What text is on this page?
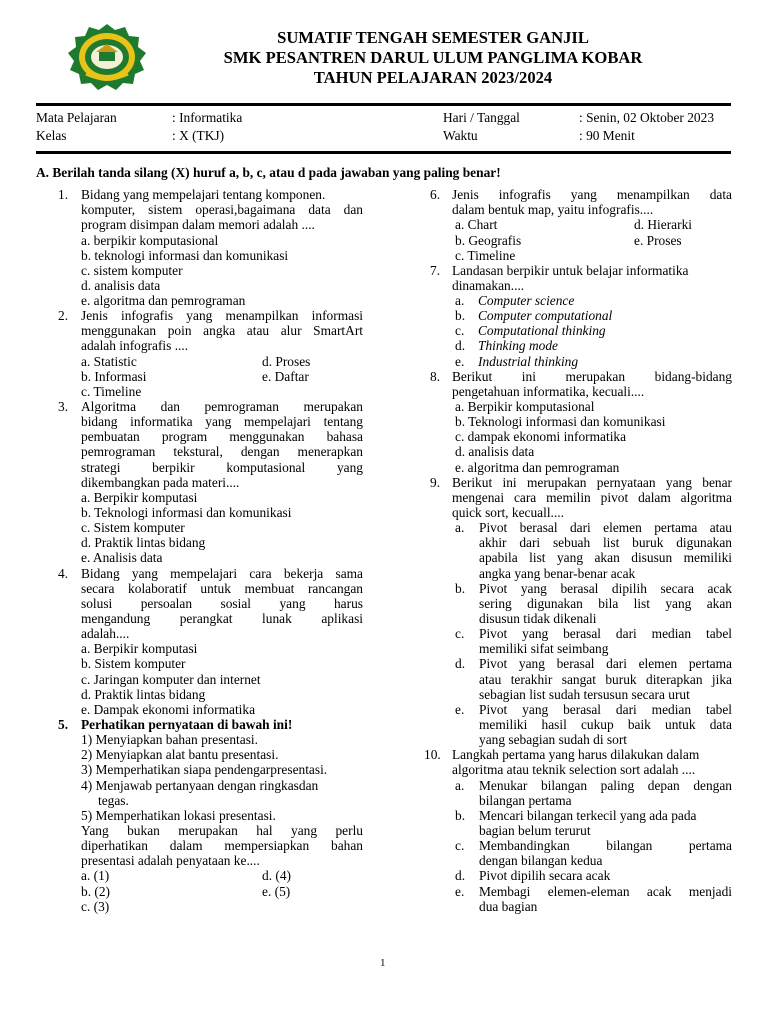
SUMATIF TENGAH SEMESTER GANJIL
SMK PESANTREN DARUL ULUM PANGLIMA KOBAR
TAHUN PELAJARAN 2023/2024
Mata Pelajaran	: Informatika
Kelas	: X (TKJ)
Hari / Tanggal	: Senin, 02 Oktober 2023
Waktu	: 90 Menit
A. Berilah tanda silang (X) huruf a, b, c, atau d pada jawaban yang paling benar!
1. Bidang yang mempelajari tentang komponen.
komputer, sistem operasi,bagaimana data dan
program disimpan dalam memori adalah ....
a. berpikir komputasional
b. teknologi informasi dan komunikasi
c. sistem komputer
d. analisis data
e. algoritma dan pemrograman
2. Jenis infografis yang menampilkan informasi
menggunakan poin angka atau alur SmartArt
adalah infografis ....
a. Statistic	d. Proses
b. Informasi	e. Daftar
c. Timeline
3. Algoritma dan pemrograman merupakan
bidang informatika yang mempelajari tentang
pembuatan program menggunakan bahasa
pemrograman tekstural, dengan menerapkan
strategi berpikir komputasional yang
dikembangkan pada materi....
a. Berpikir komputasi
b. Teknologi informasi dan komunikasi
c. Sistem komputer
d. Praktik lintas bidang
e. Analisis data
4. Bidang yang mempelajari cara bekerja sama
secara kolaboratif untuk membuat rancangan
solusi persoalan sosial yang harus
mengandung perangkat lunak aplikasi
adalah....
a. Berpikir komputasi
b. Sistem komputer
c. Jaringan komputer dan internet
d. Praktik lintas bidang
e. Dampak ekonomi informatika
5. Perhatikan pernyataan di bawah ini!
1) Menyiapkan bahan presentasi.
2) Menyiapkan alat bantu presentasi.
3) Memperhatikan siapa pendengarpresentasi.
4) Menjawab pertanyaan dengan ringkasdan
tegas.
5) Memperhatikan lokasi presentasi.
Yang bukan merupakan hal yang perlu
diperhatikan dalam mempersiapkan bahan
presentasi adalah penyataan ke....
a. (1)	d. (4)
b. (2)	e. (5)
c. (3)
6. Jenis infografis yang menampilkan data
dalam bentuk map, yaitu infografis....
a. Chart	d. Hierarki
b. Geografis	e. Proses
c. Timeline
7. Landasan berpikir untuk belajar informatika
dinamakan....
a. Computer science
b. Computer computational
c. Computational thinking
d. Thinking mode
e. Industrial thinking
8. Berikut ini merupakan bidang-bidang
pengetahuan informatika, kecuali....
a. Berpikir komputasional
b. Teknologi informasi dan komunikasi
c. dampak ekonomi informatika
d. analisis data
e. algoritma dan pemrograman
9. Berikut ini merupakan pernyataan yang benar
mengenai cara memilin pivot dalam algoritma
quick sort, kecuall....
a. Pivot berasal dari elemen pertama atau
akhir dari sebuah list buruk digunakan
apabila list yang akan disusun memiliki
angka yang benar-benar acak
b. Pivot yang berasal dipilih secara acak
sering digunakan bila list yang akan
disusun tidak dikenali
c. Pivot yang berasal dari median tabel
memiliki sifat seimbang
d. Pivot yang berasal dari elemen pertama
atau terakhir sangat buruk diterapkan jika
sebagian list sudah tersusun secara urut
e. Pivot yang berasal dari median tabel
memiliki hasil cukup baik untuk data
yang sebagian sudah di sort
10. Langkah pertama yang harus dilakukan dalam
algoritma atau teknik selection sort adalah ....
a. Menukar bilangan paling depan dengan
bilangan pertama
b. Mencari bilangan terkecil yang ada pada
bagian belum terurut
c. Membandingkan bilangan pertama
dengan bilangan kedua
d. Pivot dipilih secara acak
e. Membagi elemen-eleman acak menjadi
dua bagian
1
